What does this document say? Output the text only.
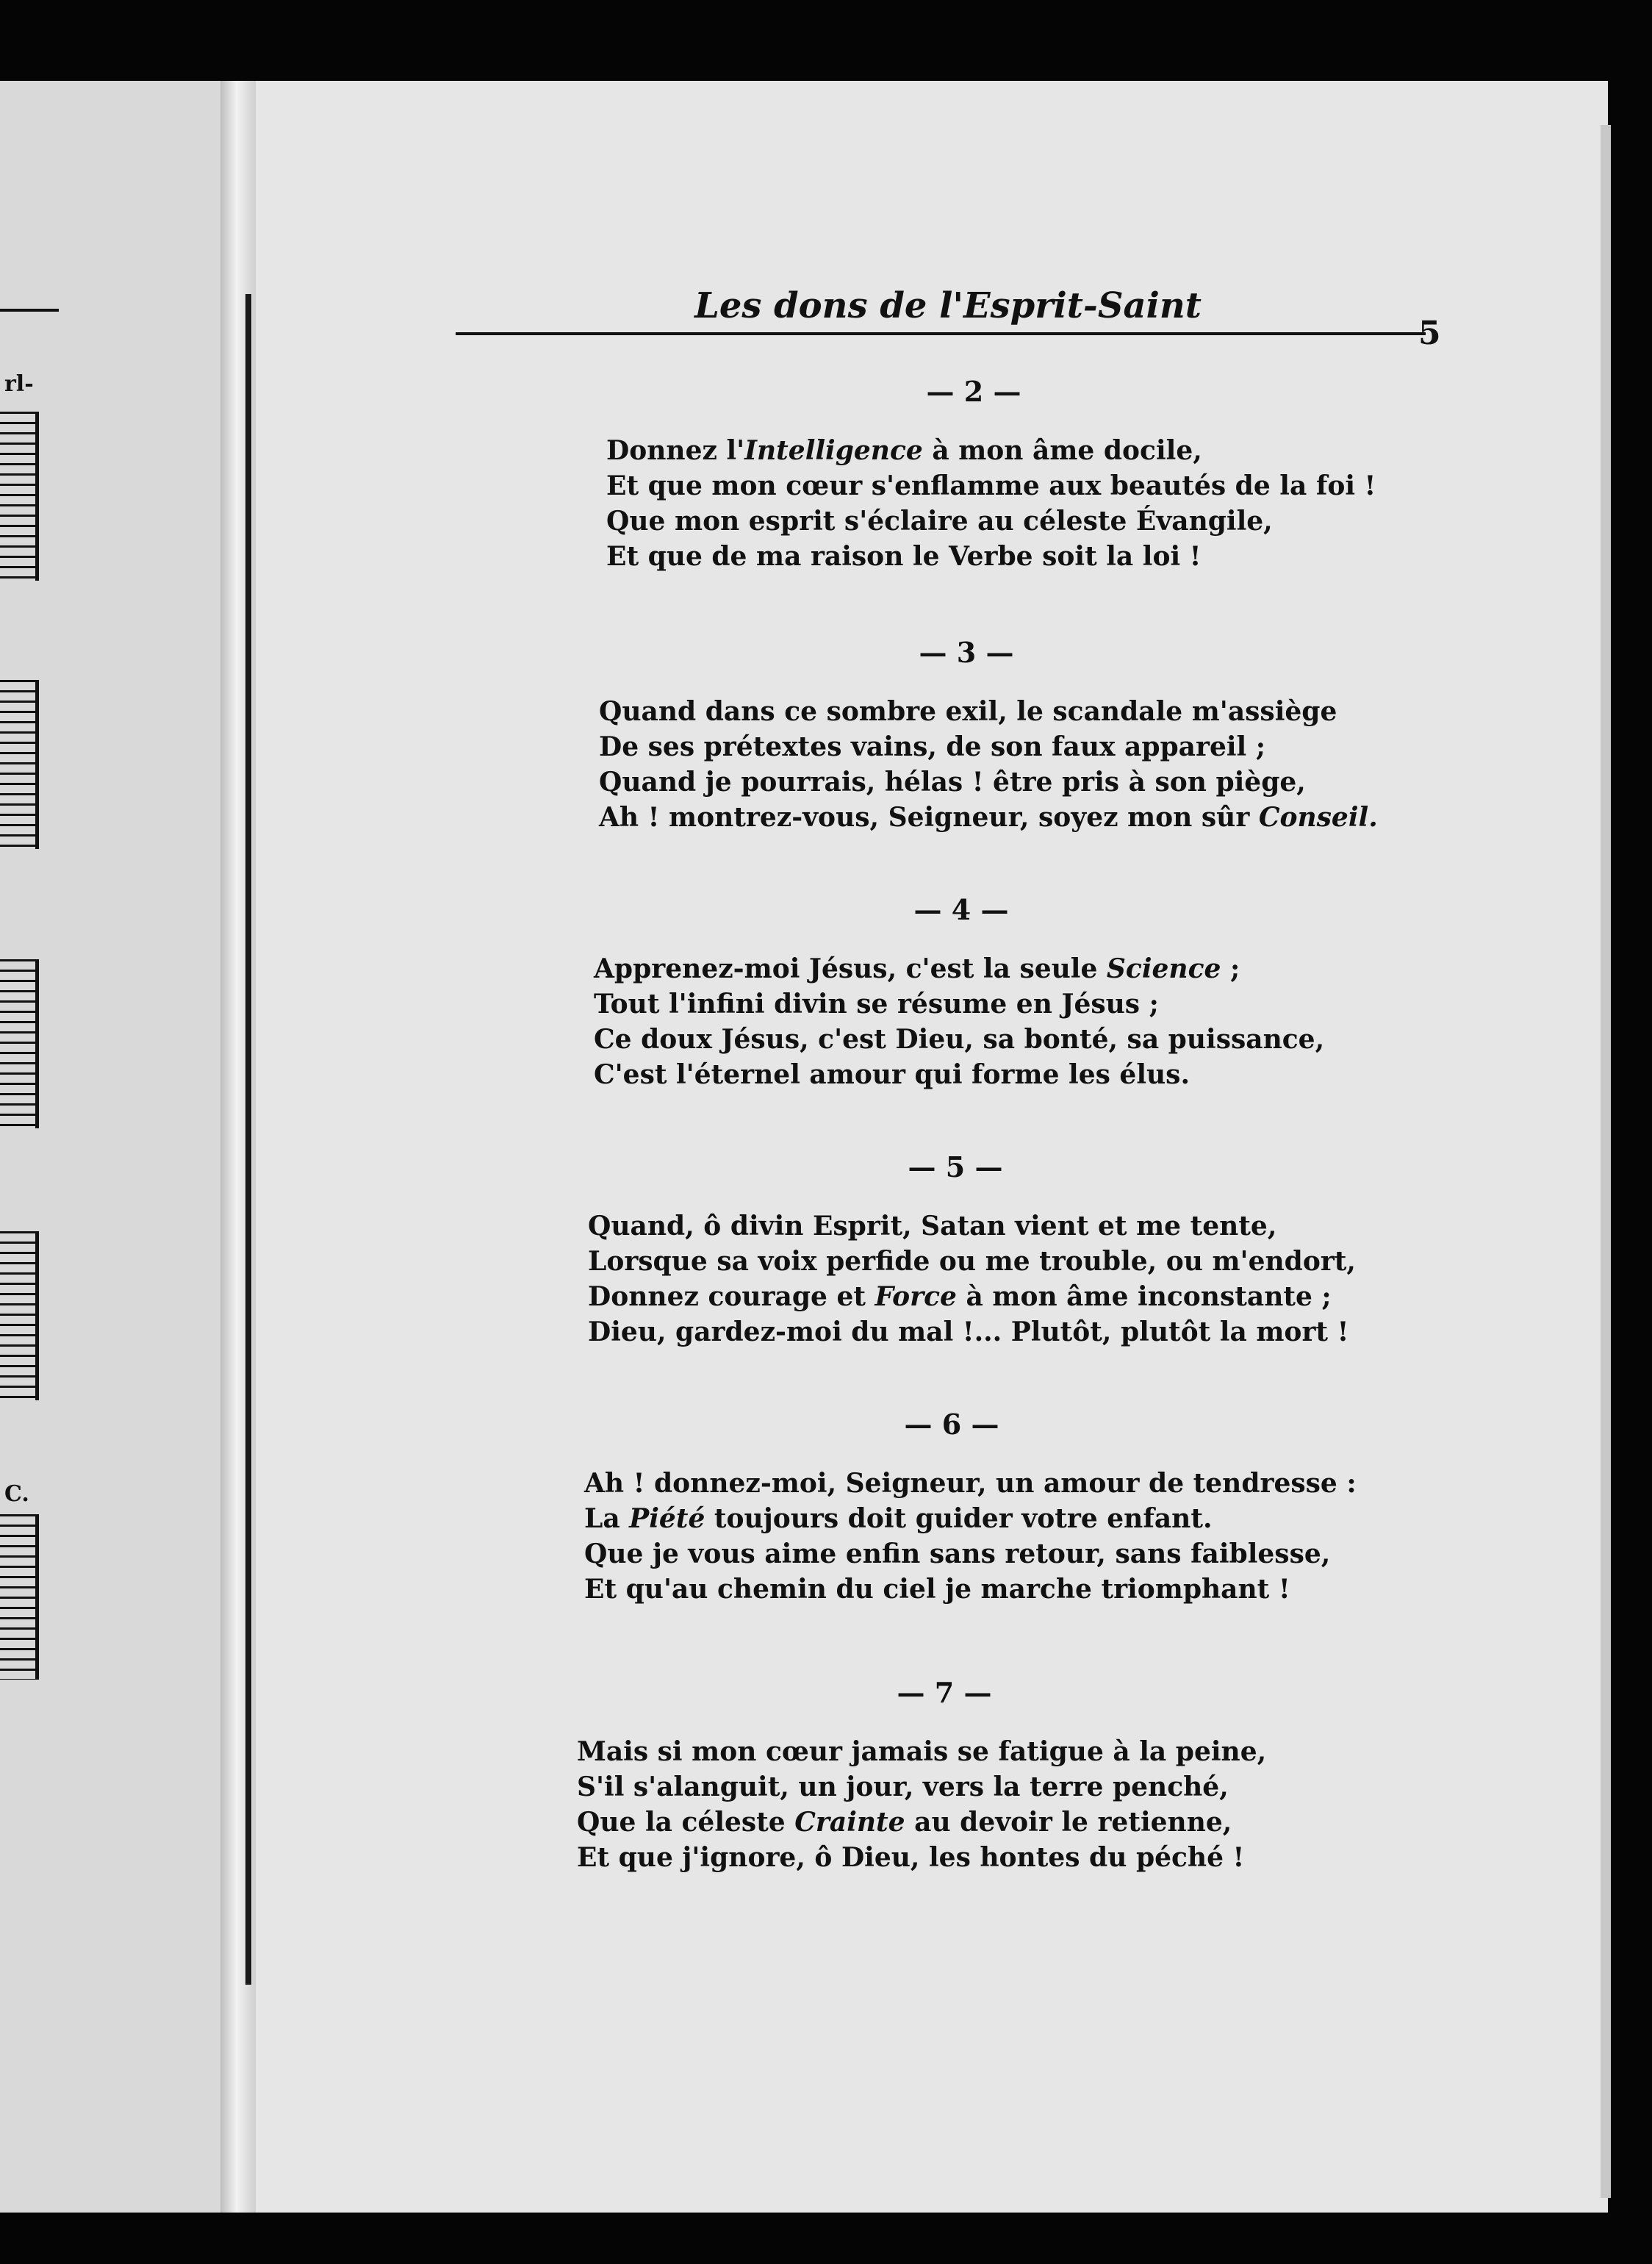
rl-
C.
Les dons de l'Esprit-Saint
5
— 2 —
Donnez l'Intelligence à mon âme docile,
Et que mon cœur s'enflamme aux beautés de la foi !
Que mon esprit s'éclaire au céleste Évangile,
Et que de ma raison le Verbe soit la loi !
— 3 —
Quand dans ce sombre exil, le scandale m'assiège
De ses prétextes vains, de son faux appareil ;
Quand je pourrais, hélas ! être pris à son piège,
Ah ! montrez-vous, Seigneur, soyez mon sûr Conseil.
— 4 —
Apprenez-moi Jésus, c'est la seule Science ;
Tout l'infini divin se résume en Jésus ;
Ce doux Jésus, c'est Dieu, sa bonté, sa puissance,
C'est l'éternel amour qui forme les élus.
— 5 —
Quand, ô divin Esprit, Satan vient et me tente,
Lorsque sa voix perfide ou me trouble, ou m'endort,
Donnez courage et Force à mon âme inconstante ;
Dieu, gardez-moi du mal !... Plutôt, plutôt la mort !
— 6 —
Ah ! donnez-moi, Seigneur, un amour de tendresse :
La Piété toujours doit guider votre enfant.
Que je vous aime enfin sans retour, sans faiblesse,
Et qu'au chemin du ciel je marche triomphant !
— 7 —
Mais si mon cœur jamais se fatigue à la peine,
S'il s'alanguit, un jour, vers la terre penché,
Que la céleste Crainte au devoir le retienne,
Et que j'ignore, ô Dieu, les hontes du péché !
